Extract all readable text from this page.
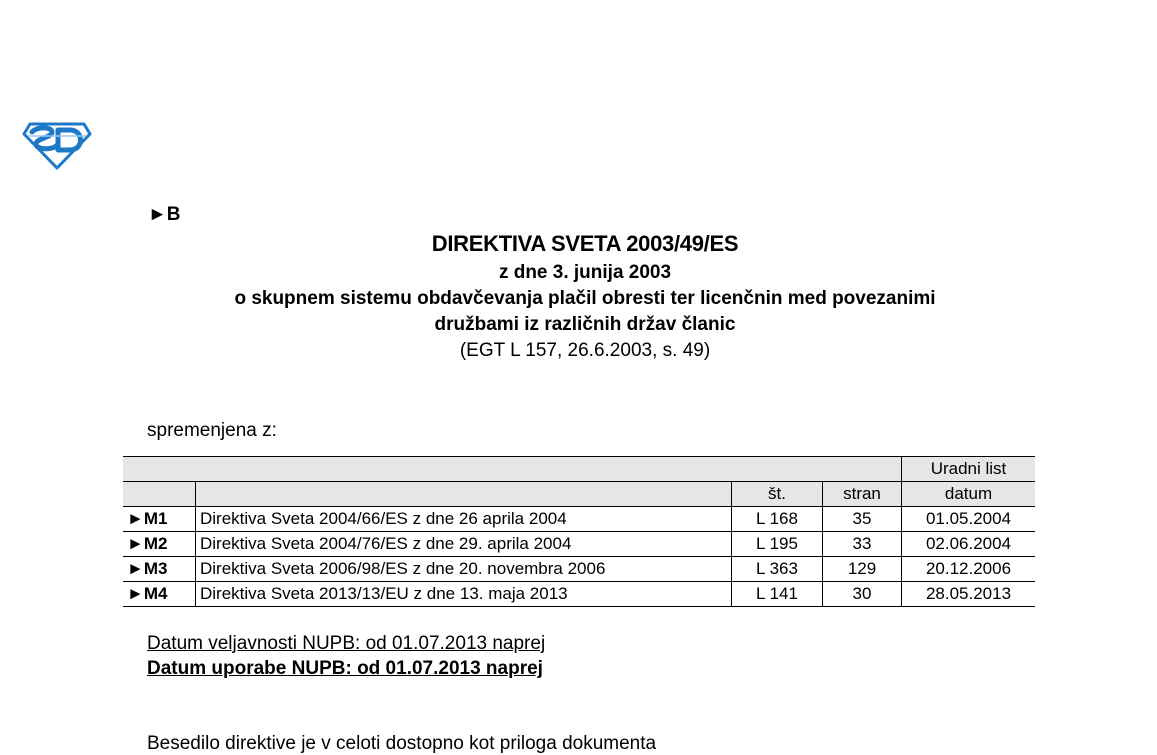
►B
DIREKTIVA SVETA 2003/49/ES
z dne 3. junija 2003
o skupnem sistemu obdavčevanja plačil obresti ter licenčnin med povezanimi
družbami iz različnih držav članic
(EGT L 157, 26.6.2003, s. 49)
spremenjena z:
				Uradni list
		št.	stran	datum
►M1	Direktiva Sveta 2004/66/ES z dne 26 aprila 2004	L 168	35	01.05.2004
►M2	Direktiva Sveta 2004/76/ES z dne 29. aprila 2004	L 195	33	02.06.2004
►M3	Direktiva Sveta 2006/98/ES z dne 20. novembra 2006	L 363	129	20.12.2006
►M4	Direktiva Sveta 2013/13/EU z dne 13. maja 2013	L 141	30	28.05.2013
Datum veljavnosti NUPB: od 01.07.2013 naprej
Datum uporabe NUPB: od 01.07.2013 naprej
Besedilo direktive je v celoti dostopno kot priloga dokumenta
